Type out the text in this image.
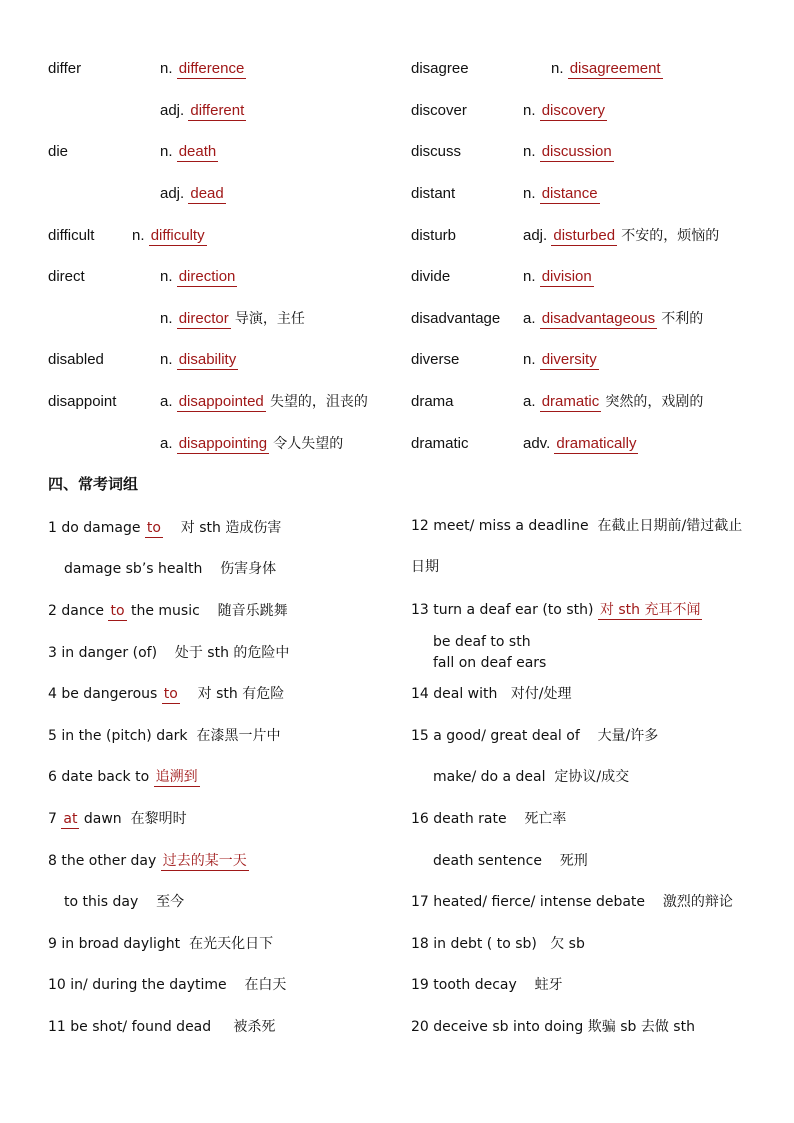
differ	n. difference
adj. different
die	n. death
adj. dead
difficult	n. difficulty
direct	n. direction
n. director 导演，主任
disabled	n. disability
disappoint	a. disappointed 失望的，沮丧的
a. disappointing 令人失望的
disagree	n. disagreement
discover	n. discovery
discuss	n. discussion
distant	n. distance
disturb	adj. disturbed 不安的，烦恼的
divide	n. division
disadvantage a. disadvantageous 不利的
diverse	n. diversity
drama	a. dramatic 突然的，戏剧的
dramatic	adv. dramatically
四、常考词组
1 do damage to 对 sth 造成伤害
damage sb’s health 伤害身体
2 dance to the music 随音乐跳舞
3 in danger (of) 处于 sth 的危险中
4 be dangerous to 对 sth 有危险
5 in the (pitch) dark 在漆黑一片中
6 date back to 追溯到
7 at dawn 在黎明时
8 the other day 过去的某一天
to this day 至今
9 in broad daylight 在光天化日下
10 in/ during the daytime 在白天
11 be shot/ found dead 被杀死
12 meet/ miss a deadline 在截止日期前/错过截止
日期
13 turn a deaf ear (to sth) 对 sth 充耳不闻
be deaf to sth
fall on deaf ears
14 deal with 对付/处理
15 a good/ great deal of 大量/许多
make/ do a deal 定协议/成交
16 death rate 死亡率
death sentence 死刑
17 heated/ fierce/ intense debate 激烈的辩论
18 in debt ( to sb) 欠 sb
19 tooth decay 蛀牙
20 deceive sb into doing 欺骗 sb 去做 sth
